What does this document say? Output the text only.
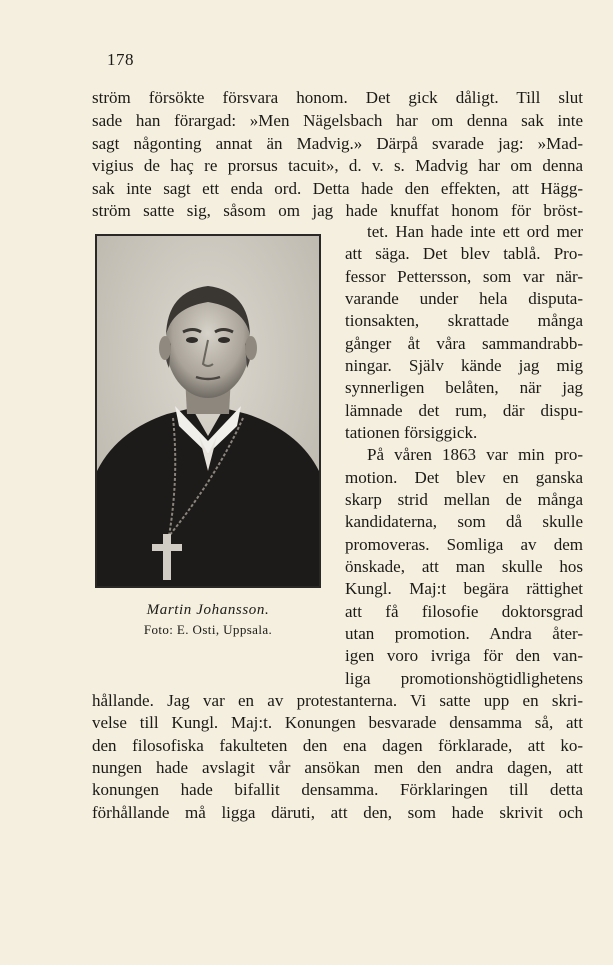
178
ström försökte försvara honom. Det gick dåligt. Till slut
sade han förargad: »Men Nägelsbach har om denna sak inte
sagt någonting annat än Madvig.» Därpå svarade jag: »Mad-
vigius de haç re prorsus tacuit», d. v. s. Madvig har om denna
sak inte sagt ett enda ord. Detta hade den effekten, att Hägg-
ström satte sig, såsom om jag hade knuffat honom för bröst-
tet. Han hade inte ett ord mer
att säga. Det blev tablå. Pro-
fessor Pettersson, som var när-
varande under hela disputa-
tionsakten, skrattade många
gånger åt våra sammandrabb-
ningar. Själv kände jag mig
synnerligen belåten, när jag
lämnade det rum, där dispu-
tationen försiggick.
På våren 1863 var min pro-
motion. Det blev en ganska
skarp strid mellan de många
kandidaterna, som då skulle
promoveras. Somliga av dem
önskade, att man skulle hos
Kungl. Maj:t begära rättighet
att få filosofie doktorsgrad
utan promotion. Andra åter-
igen voro ivriga för den van-
liga promotionshögtidlighetens
hållande. Jag var en av protestanterna. Vi satte upp en skri-
velse till Kungl. Maj:t. Konungen besvarade densamma så, att
den filosofiska fakulteten den ena dagen förklarade, att ko-
nungen hade avslagit vår ansökan men den andra dagen, att
konungen hade bifallit densamma. Förklaringen till detta
förhållande må ligga däruti, att den, som hade skrivit och
Martin Johansson.
Foto: E. Osti, Uppsala.
